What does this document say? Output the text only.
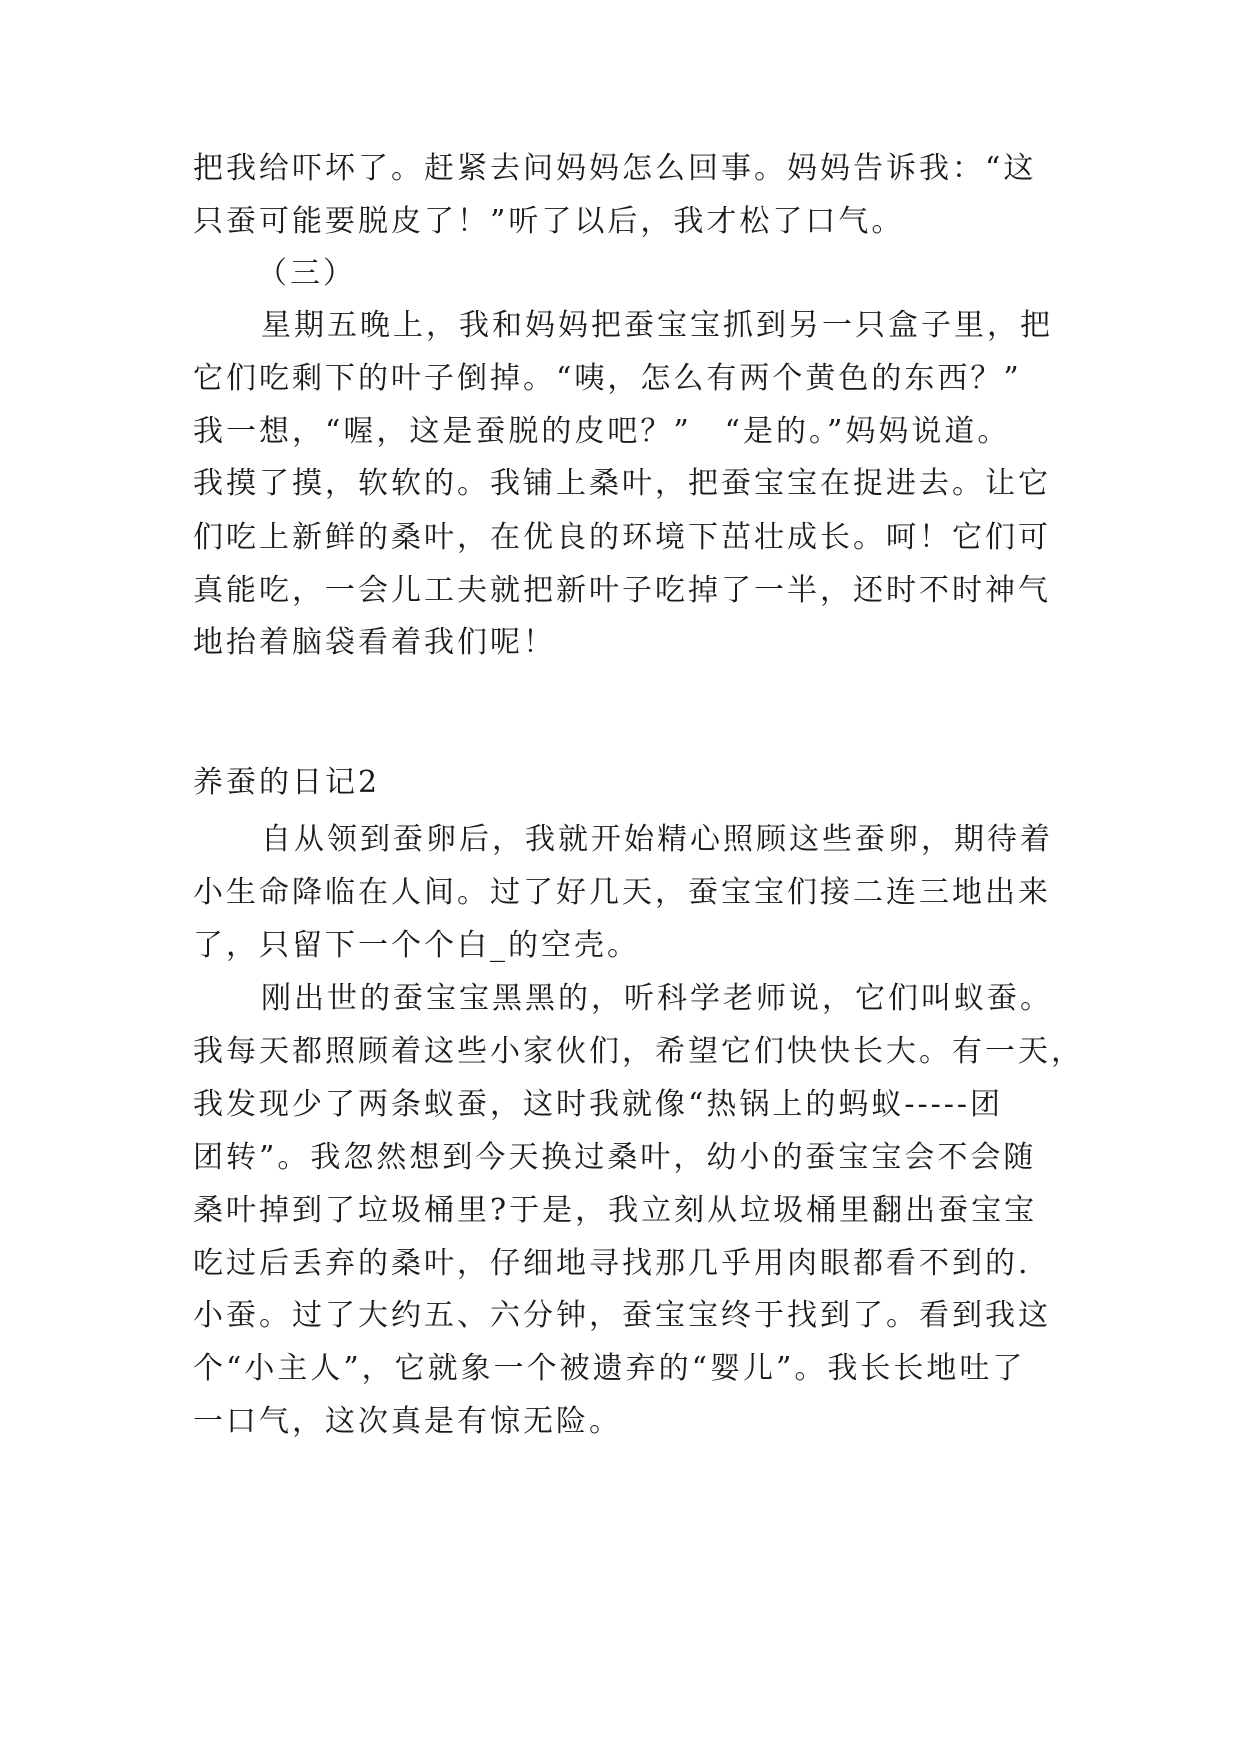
把我给吓坏了。赶紧去问妈妈怎么回事。妈妈告诉我：“这
只蚕可能要脱皮了！”听了以后，我才松了口气。
（三）
星期五晚上，我和妈妈把蚕宝宝抓到另一只盒子里，把
它们吃剩下的叶子倒掉。“咦，怎么有两个黄色的东西？”
我一想，“喔，这是蚕脱的皮吧？”　“是的。”妈妈说道。
我摸了摸，软软的。我铺上桑叶，把蚕宝宝在捉进去。让它
们吃上新鲜的桑叶，在优良的环境下茁壮成长。呵！它们可
真能吃，一会儿工夫就把新叶子吃掉了一半，还时不时神气
地抬着脑袋看着我们呢！
养蚕的日记2
自从领到蚕卵后，我就开始精心照顾这些蚕卵，期待着
小生命降临在人间。过了好几天，蚕宝宝们接二连三地出来
了，只留下一个个白_的空壳。
刚出世的蚕宝宝黑黑的，听科学老师说，它们叫蚁蚕。
我每天都照顾着这些小家伙们，希望它们快快长大。有一天，
我发现少了两条蚁蚕，这时我就像“热锅上的蚂蚁-----团
团转”。我忽然想到今天换过桑叶，幼小的蚕宝宝会不会随
桑叶掉到了垃圾桶里?于是，我立刻从垃圾桶里翻出蚕宝宝
吃过后丢弃的桑叶，仔细地寻找那几乎用肉眼都看不到的.
小蚕。过了大约五、六分钟，蚕宝宝终于找到了。看到我这
个“小主人”，它就象一个被遗弃的“婴儿”。我长长地吐了
一口气，这次真是有惊无险。
